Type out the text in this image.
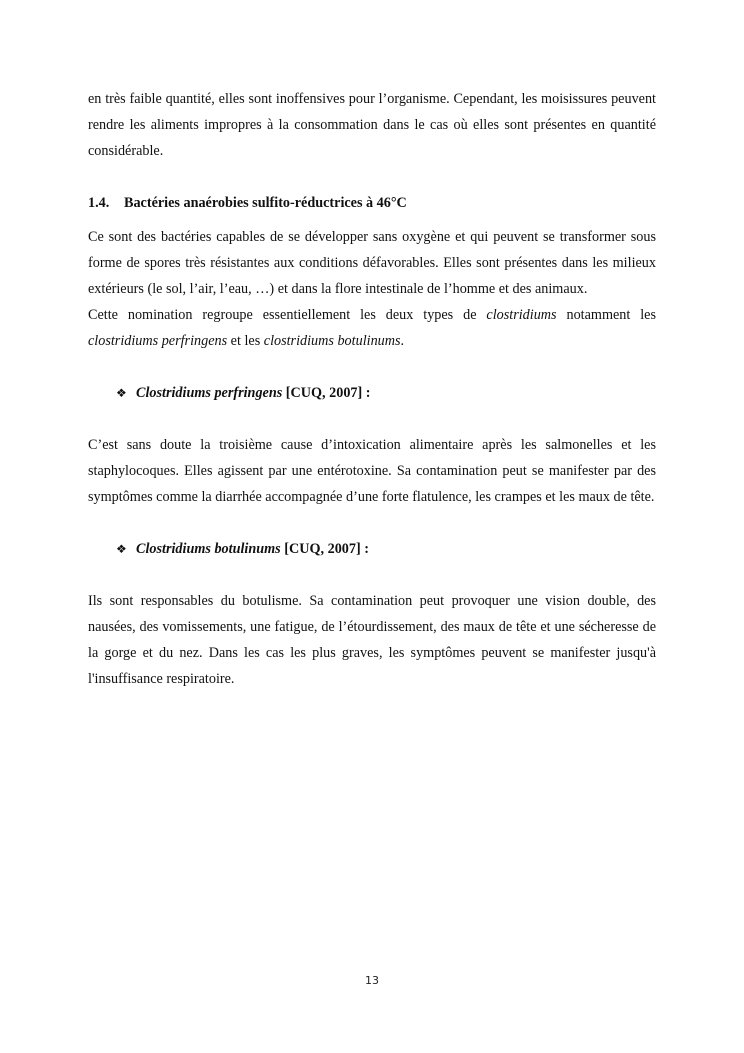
en très faible quantité, elles sont inoffensives pour l’organisme. Cependant, les moisissures peuvent rendre les aliments impropres à la consommation dans le cas où elles sont présentes en quantité considérable.

1.4. Bactéries anaérobies sulfito-réductrices à 46°C

Ce sont des bactéries capables de se développer sans oxygène et qui peuvent se transformer sous forme de spores très résistantes aux conditions défavorables. Elles sont présentes dans les milieux extérieurs (le sol, l’air, l’eau, …) et dans la flore intestinale de l’homme et des animaux.

Cette nomination regroupe essentiellement les deux types de clostridiums notamment les clostridiums perfringens et les clostridiums botulinums.

❖ Clostridiums perfringens [CUQ, 2007] :

C’est sans doute la troisième cause d’intoxication alimentaire après les salmonelles et les staphylocoques. Elles agissent par une entérotoxine. Sa contamination peut se manifester par des symptômes comme la diarrhée accompagnée d’une forte flatulence, les crampes et les maux de tête.

❖ Clostridiums botulinums [CUQ, 2007] :

Ils sont responsables du botulisme. Sa contamination peut provoquer une vision double, des nausées, des vomissements, une fatigue, de l’étourdissement, des maux de tête et une sécheresse de la gorge et du nez. Dans les cas les plus graves, les symptômes peuvent se manifester jusqu'à l'insuffisance respiratoire.

13
